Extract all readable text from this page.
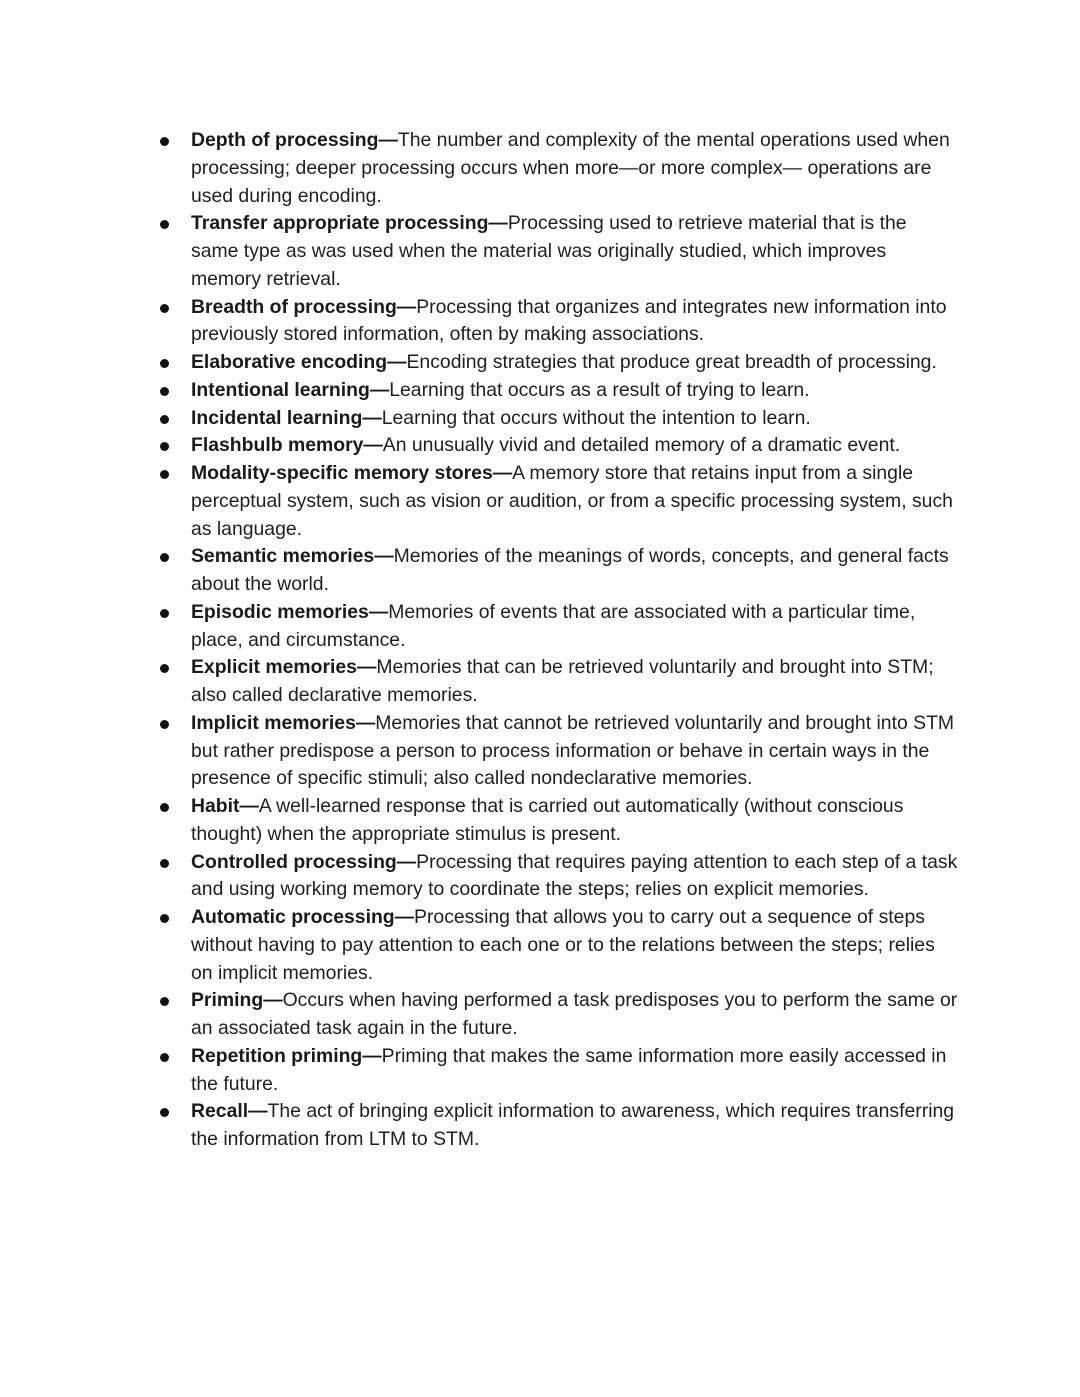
Depth of processing—The number and complexity of the mental operations used when processing; deeper processing occurs when more—or more complex— operations are used during encoding.
Transfer appropriate processing—Processing used to retrieve material that is the same type as was used when the material was originally studied, which improves memory retrieval.
Breadth of processing—Processing that organizes and integrates new information into previously stored information, often by making associations.
Elaborative encoding—Encoding strategies that produce great breadth of processing.
Intentional learning—Learning that occurs as a result of trying to learn.
Incidental learning—Learning that occurs without the intention to learn.
Flashbulb memory—An unusually vivid and detailed memory of a dramatic event.
Modality-specific memory stores—A memory store that retains input from a single perceptual system, such as vision or audition, or from a specific processing system, such as language.
Semantic memories—Memories of the meanings of words, concepts, and general facts about the world.
Episodic memories—Memories of events that are associated with a particular time, place, and circumstance.
Explicit memories—Memories that can be retrieved voluntarily and brought into STM; also called declarative memories.
Implicit memories—Memories that cannot be retrieved voluntarily and brought into STM but rather predispose a person to process information or behave in certain ways in the presence of specific stimuli; also called nondeclarative memories.
Habit—A well-learned response that is carried out automatically (without conscious thought) when the appropriate stimulus is present.
Controlled processing—Processing that requires paying attention to each step of a task and using working memory to coordinate the steps; relies on explicit memories.
Automatic processing—Processing that allows you to carry out a sequence of steps without having to pay attention to each one or to the relations between the steps; relies on implicit memories.
Priming—Occurs when having performed a task predisposes you to perform the same or an associated task again in the future.
Repetition priming—Priming that makes the same information more easily accessed in the future.
Recall—The act of bringing explicit information to awareness, which requires transferring the information from LTM to STM.
